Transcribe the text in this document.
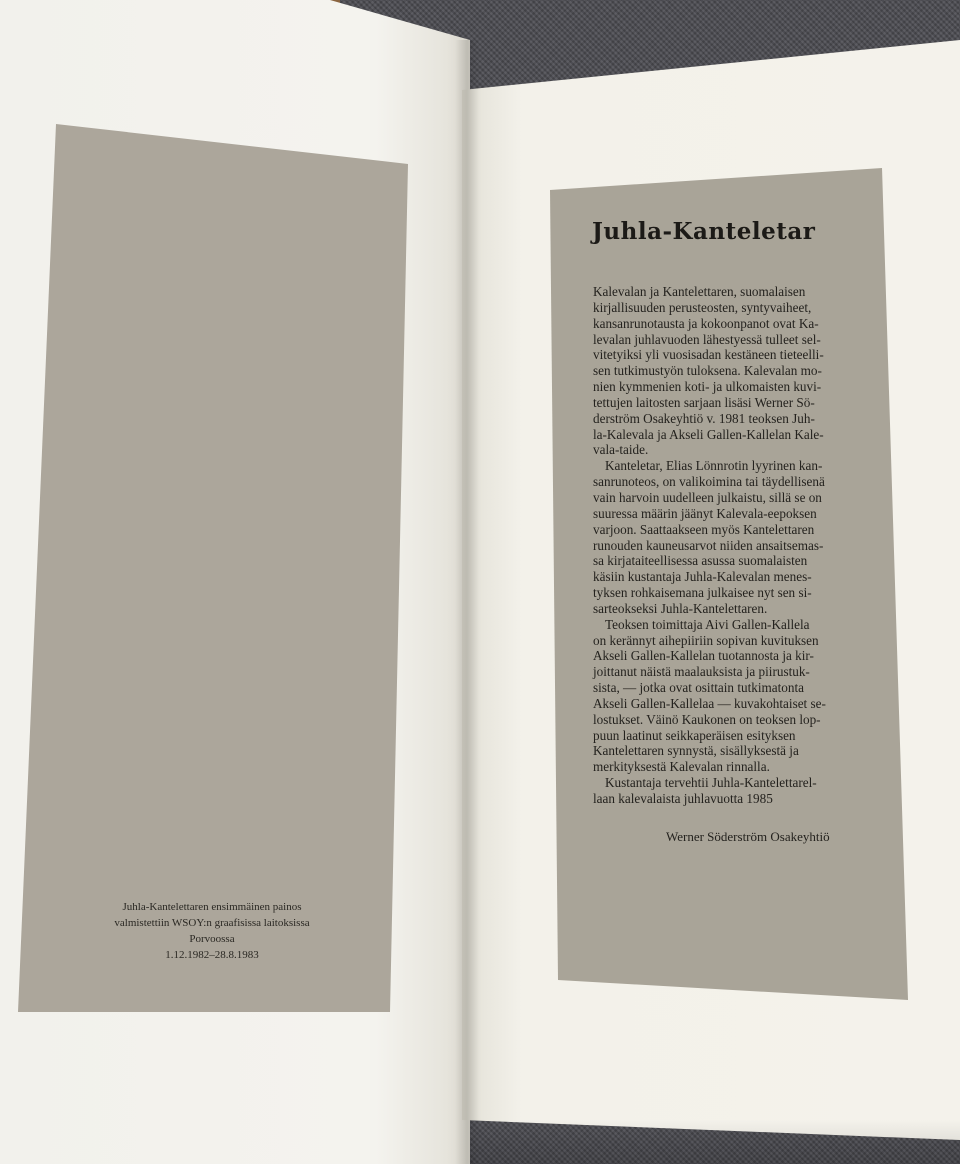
Juhla-Kantelettaren ensimmäinen painos
valmistettiin WSOY:n graafisissa laitoksissa
Porvoossa
1.12.1982–28.8.1983
Juhla-Kanteletar
Kalevalan ja Kantelettaren, suomalaisen
kirjallisuuden perusteosten, syntyvaiheet,
kansanrunotausta ja kokoonpanot ovat Ka-
levalan juhlavuoden lähestyessä tulleet sel-
vitetyiksi yli vuosisadan kestäneen tieteelli-
sen tutkimustyön tuloksena. Kalevalan mo-
nien kymmenien koti- ja ulkomaisten kuvi-
tettujen laitosten sarjaan lisäsi Werner Sö-
derström Osakeyhtiö v. 1981 teoksen Juh-
la-Kalevala ja Akseli Gallen-Kallelan Kale-
vala-taide.
Kanteletar, Elias Lönnrotin lyyrinen kan-
sanrunoteos, on valikoimina tai täydellisenä
vain harvoin uudelleen julkaistu, sillä se on
suuressa määrin jäänyt Kalevala-eepoksen
varjoon. Saattaakseen myös Kantelettaren
runouden kauneusarvot niiden ansaitsemas-
sa kirjataiteellisessa asussa suomalaisten
käsiin kustantaja Juhla-Kalevalan menes-
tyksen rohkaisemana julkaisee nyt sen si-
sarteokseksi Juhla-Kantelettaren.
Teoksen toimittaja Aivi Gallen-Kallela
on kerännyt aihepiiriin sopivan kuvituksen
Akseli Gallen-Kallelan tuotannosta ja kir-
joittanut näistä maalauksista ja piirustuk-
sista, — jotka ovat osittain tutkimatonta
Akseli Gallen-Kallelaa — kuvakohtaiset se-
lostukset. Väinö Kaukonen on teoksen lop-
puun laatinut seikkaperäisen esityksen
Kantelettaren synnystä, sisällyksestä ja
merkityksestä Kalevalan rinnalla.
Kustantaja tervehtii Juhla-Kantelettarel-
laan kalevalaista juhlavuotta 1985
Werner Söderström Osakeyhtiö
